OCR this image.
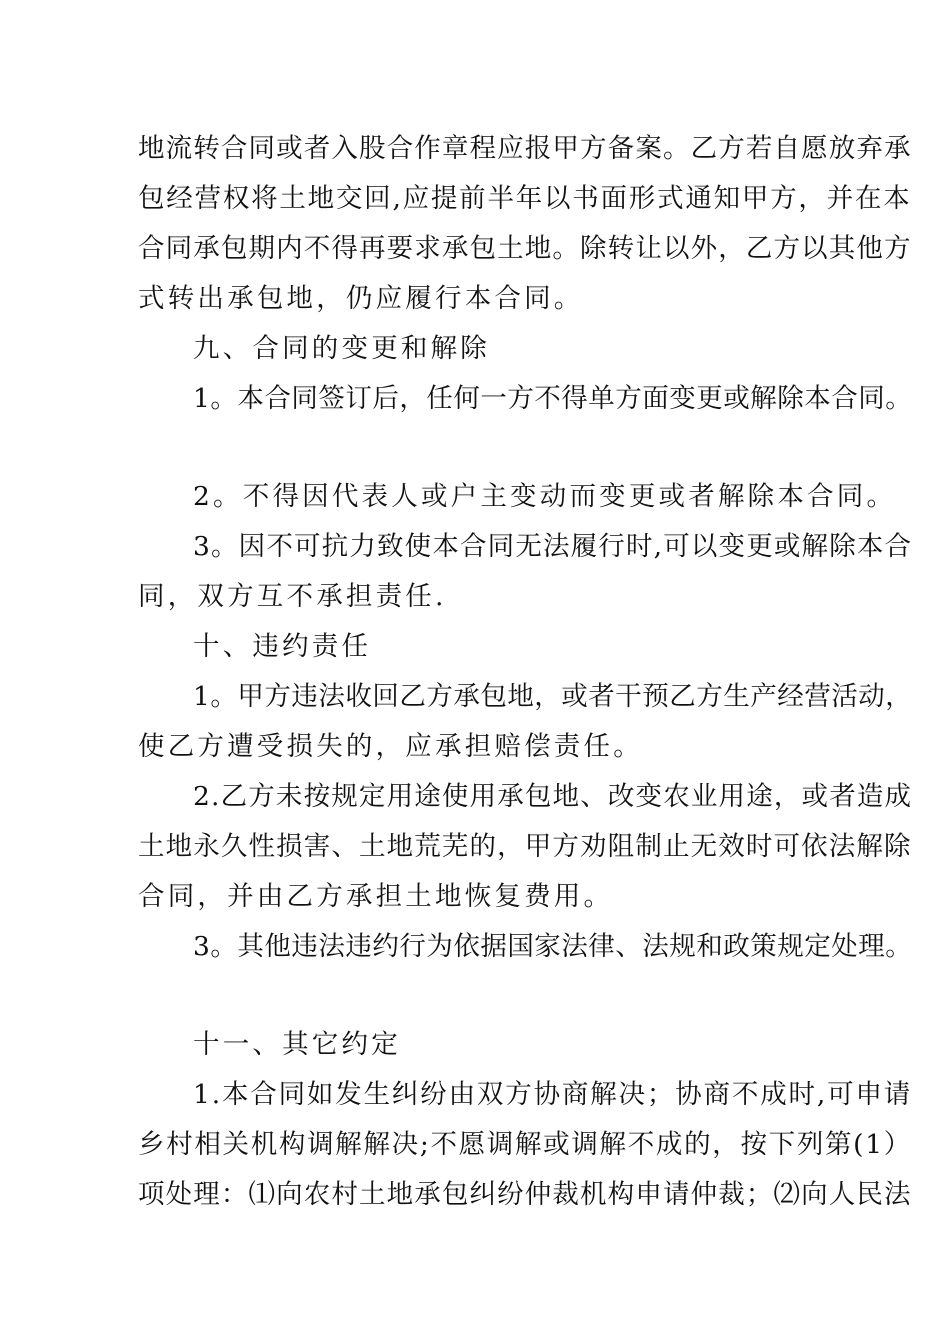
地流转合同或者入股合作章程应报甲方备案。乙方若自愿放弃承
包经营权将土地交回,应提前半年以书面形式通知甲方，并在本
合同承包期内不得再要求承包土地。除转让以外，乙方以其他方
式转出承包地，仍应履行本合同。
九、合同的变更和解除
1。本合同签订后，任何一方不得单方面变更或解除本合同。
2。不得因代表人或户主变动而变更或者解除本合同。
3。因不可抗力致使本合同无法履行时,可以变更或解除本合
同，双方互不承担责任.
十、违约责任
1。甲方违法收回乙方承包地，或者干预乙方生产经营活动，
使乙方遭受损失的，应承担赔偿责任。
2.乙方未按规定用途使用承包地、改变农业用途，或者造成
土地永久性损害、土地荒芜的，甲方劝阻制止无效时可依法解除
合同，并由乙方承担土地恢复费用。
3。其他违法违约行为依据国家法律、法规和政策规定处理。
十一、其它约定
1.本合同如发生纠纷由双方协商解决；协商不成时,可申请
乡村相关机构调解解决;不愿调解或调解不成的，按下列第(1）
项处理：⑴向农村土地承包纠纷仲裁机构申请仲裁；⑵向人民法
